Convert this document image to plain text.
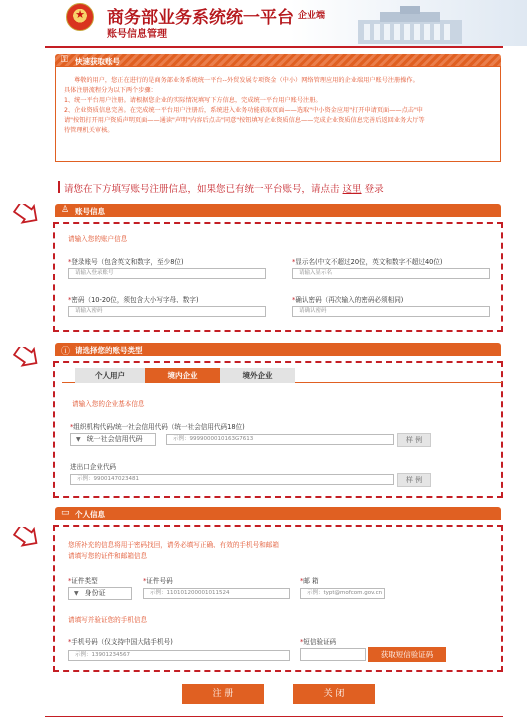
★	商务部业务系统统一平台 企业端
账号信息管理
⚿ 快速获取账号

尊敬的用户，您正在进行的是商务部业务系统统一平台--外贸发展专项资金（中小）网络管理应用的企业端用户账号注册操作。

具体注册流程分为以下两个步骤：

1、统一平台用户注册。请根据您企业的实际情况填写下方信息，完成统一平台用户账号注册。

2、企业资质信息完善。在完成统一平台用户注册后，系统进入业务功能获取页面——选取"中小资金应用"打开申请页面——点击"申

请"按钮打开用户资质声明页面——通读"声明"内容后点击"同意"按钮填写企业资质信息——完成企业资质信息完善后返回业务大厅等

待管理机关审核。

请您在下方填写账号注册信息，如果您已有统一平台账号，请点击 这里 登录
♙ 账号信息
请输入您的账户信息
*登录账号（包含英文和数字，至少8位)
请输入登录账号
*显示名(中文不超过20位，英文和数字不超过40位)
请输入显示名
*密码（10-20位，须包含大小写字母、数字)
请输入密码
*确认密码（再次输入的密码必须相同)
请确认密码
ⓘ 请选择您的账号类型
个人用户	境内企业	境外企业
请输入您的企业基本信息
*组织机构代码/统一社会信用代码（统一社会信用代码18位)
▼ 统一社会信用代码	示例：9999000010163G7613	样 例
进出口企业代码
示例：9900147023481	样 例
▭ 个人信息
您所补充的信息将用于密码找回，请务必填写正确、有效的手机号和邮箱
请填写您的证件和邮箱信息
*证件类型
▼ 身份证
*证件号码
示例：110101200001011524
*邮 箱
示例：typt@mofcom.gov.cn
请填写并验证您的手机信息
*手机号码（仅支持中国大陆手机号)
示例：13901234567
*短信验证码
获取短信验证码
注 册	关 闭
